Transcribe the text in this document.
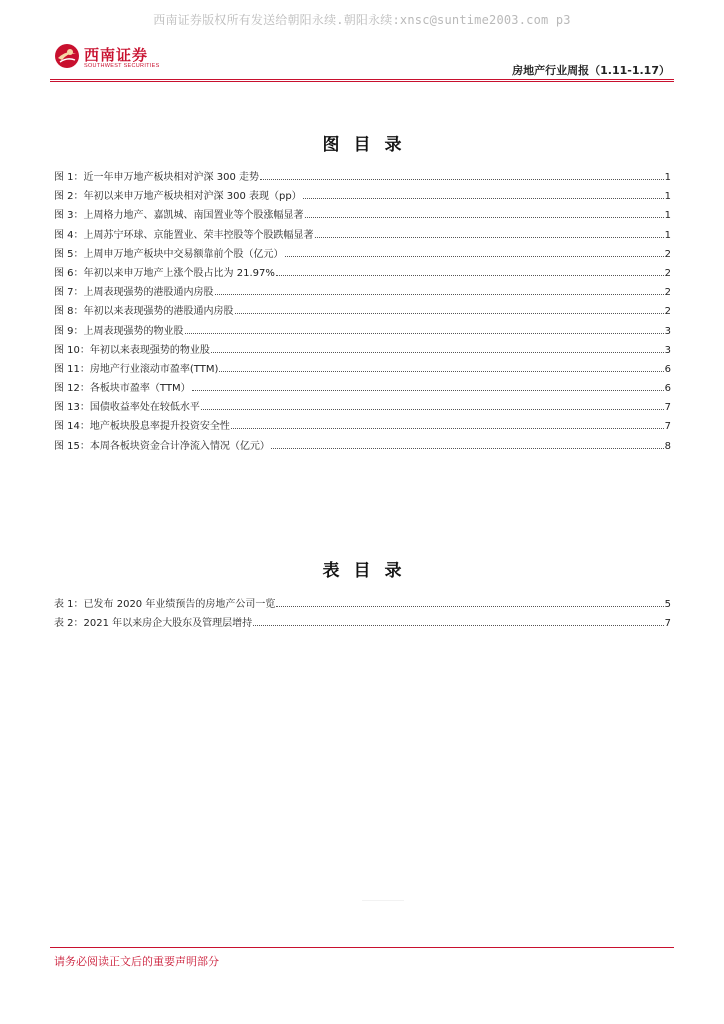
西南证券版权所有发送给朝阳永续.朝阳永续:xnsc@suntime2003.com p3
西南证券
SOUTHWEST SECURITIES	房地产行业周报（1.11-1.17）
图目录
图 1： 近一年申万地产板块相对沪深 300 走势	1
图 2： 年初以来申万地产板块相对沪深 300 表现（pp）	1
图 3： 上周格力地产、嘉凯城、南国置业等个股涨幅显著	1
图 4： 上周苏宁环球、京能置业、荣丰控股等个股跌幅显著	1
图 5： 上周申万地产板块中交易额靠前个股（亿元）	2
图 6： 年初以来申万地产上涨个股占比为 21.97%	2
图 7： 上周表现强势的港股通内房股	2
图 8： 年初以来表现强势的港股通内房股	2
图 9： 上周表现强势的物业股	3
图 10： 年初以来表现强势的物业股	3
图 11： 房地产行业滚动市盈率(TTM)	6
图 12： 各板块市盈率（TTM）	6
图 13： 国债收益率处在较低水平	7
图 14： 地产板块股息率提升投资安全性	7
图 15： 本周各板块资金合计净流入情况（亿元）	8
表目录
表 1： 已发布 2020 年业绩预告的房地产公司一览	5
表 2： 2021 年以来房企大股东及管理层增持	7
请务必阅读正文后的重要声明部分
